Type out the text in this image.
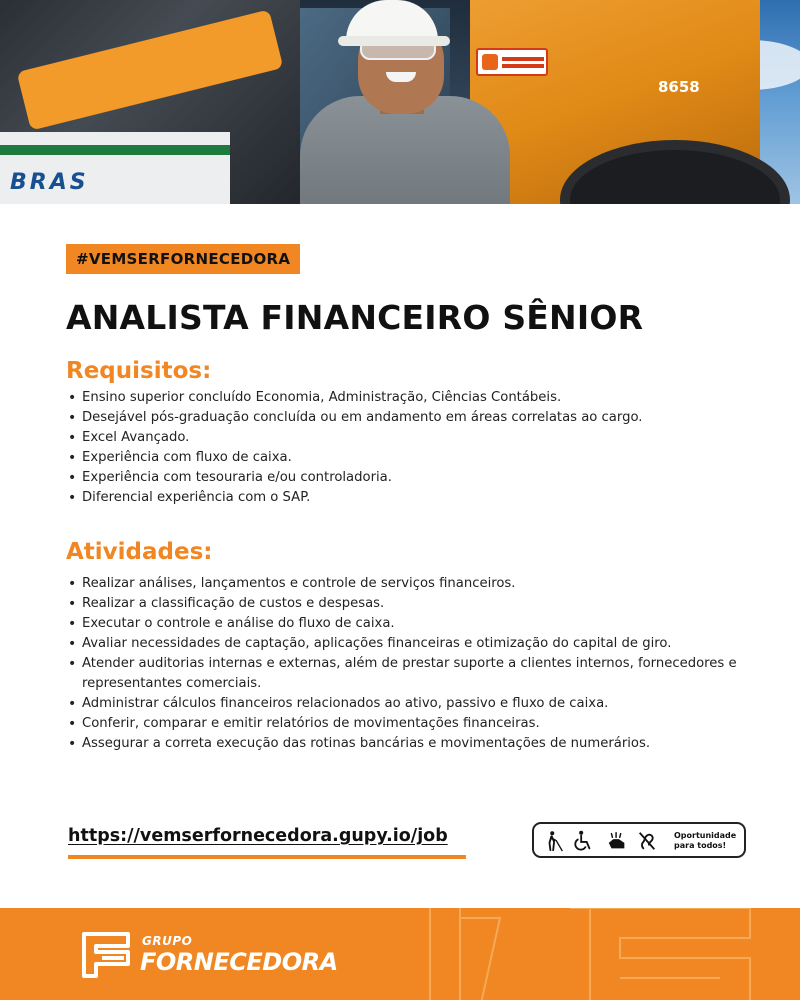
8658
BRAS
#VEMSERFORNECEDORA
ANALISTA FINANCEIRO SÊNIOR
Requisitos:
• Ensino superior concluído Economia, Administração, Ciências Contábeis.
• Desejável pós-graduação concluída ou em andamento em áreas correlatas ao cargo.
• Excel Avançado.
• Experiência com fluxo de caixa.
• Experiência com tesouraria e/ou controladoria.
• Diferencial experiência com o SAP.
Atividades:
• Realizar análises, lançamentos e controle de serviços financeiros.
• Realizar a classificação de custos e despesas.
• Executar o controle e análise do fluxo de caixa.
• Avaliar necessidades de captação, aplicações financeiras e otimização do capital de giro.
• Atender auditorias internas e externas, além de prestar suporte a clientes internos, fornecedores e representantes comerciais.
• Administrar cálculos financeiros relacionados ao ativo, passivo e fluxo de caixa.
• Conferir, comparar e emitir relatórios de movimentações financeiras.
• Assegurar a correta execução das rotinas bancárias e movimentações de numerários.
https://vemserfornecedora.gupy.io/job	Oportunidade para todos!
GRUPO
FORNECEDORA
